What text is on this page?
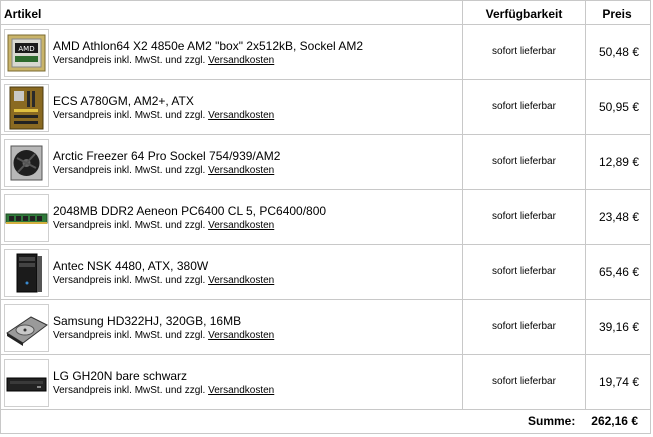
Artikel	Verfügbarkeit	Preis
AMD AMD Athlon64 X2 4850e AM2 "box" 2x512kB, Sockel AM2
Versandpreis inkl. MwSt. und zzgl. Versandkosten
sofort lieferbar	50,48 €
ECS A780GM, AM2+, ATX
Versandpreis inkl. MwSt. und zzgl. Versandkosten
sofort lieferbar	50,95 €
Arctic Freezer 64 Pro Sockel 754/939/AM2
Versandpreis inkl. MwSt. und zzgl. Versandkosten
sofort lieferbar	12,89 €
2048MB DDR2 Aeneon PC6400 CL 5, PC6400/800
Versandpreis inkl. MwSt. und zzgl. Versandkosten
sofort lieferbar	23,48 €
Antec NSK 4480, ATX, 380W
Versandpreis inkl. MwSt. und zzgl. Versandkosten
sofort lieferbar	65,46 €
Samsung HD322HJ, 320GB, 16MB
Versandpreis inkl. MwSt. und zzgl. Versandkosten
sofort lieferbar	39,16 €
LG GH20N bare schwarz
Versandpreis inkl. MwSt. und zzgl. Versandkosten
sofort lieferbar	19,74 €
Summe: 262,16 €
